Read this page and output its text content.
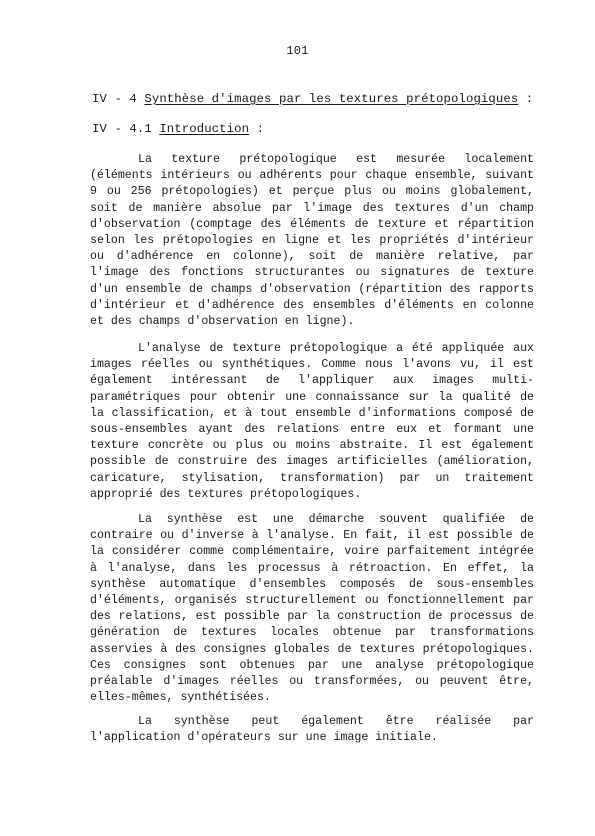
101
IV - 4 Synthèse d'images par les textures prétopologiques :
IV - 4.1 Introduction :
La texture prétopologique est mesurée localement (éléments intérieurs ou adhérents pour chaque ensemble, suivant 9 ou 256 prétopologies) et perçue plus ou moins globalement, soit de manière absolue par l'image des textures d'un champ d'observation (comptage des éléments de texture et répartition selon les prétopologies en ligne et les propriétés d'intérieur ou d'adhérence en colonne), soit de manière relative, par l'image des fonctions structurantes ou signatures de texture d'un ensemble de champs d'observation (répartition des rapports d'intérieur et d'adhérence des ensembles d'éléments en colonne et des champs d'observation en ligne).
L'analyse de texture prétopologique a été appliquée aux images réelles ou synthétiques. Comme nous l'avons vu, il est également intéressant de l'appliquer aux images multi-paramétriques pour obtenir une connaissance sur la qualité de la classification, et à tout ensemble d'informations composé de sous-ensembles ayant des relations entre eux et formant une texture concrète ou plus ou moins abstraite. Il est également possible de construire des images artificielles (amélioration, caricature, stylisation, transformation) par un traitement approprié des textures prétopologiques.
La synthèse est une démarche souvent qualifiée de contraire ou d'inverse à l'analyse. En fait, il est possible de la considérer comme complémentaire, voire parfaitement intégrée à l'analyse, dans les processus à rétroaction. En effet, la synthèse automatique d'ensembles composés de sous-ensembles d'éléments, organisés structurellement ou fonctionnellement par des relations, est possible par la construction de processus de génération de textures locales obtenue par transformations asservies à des consignes globales de textures prétopologiques. Ces consignes sont obtenues par une analyse prétopologique préalable d'images réelles ou transformées, ou peuvent être, elles-mêmes, synthétisées.
La synthèse peut également être réalisée par l'application d'opérateurs sur une image initiale.
